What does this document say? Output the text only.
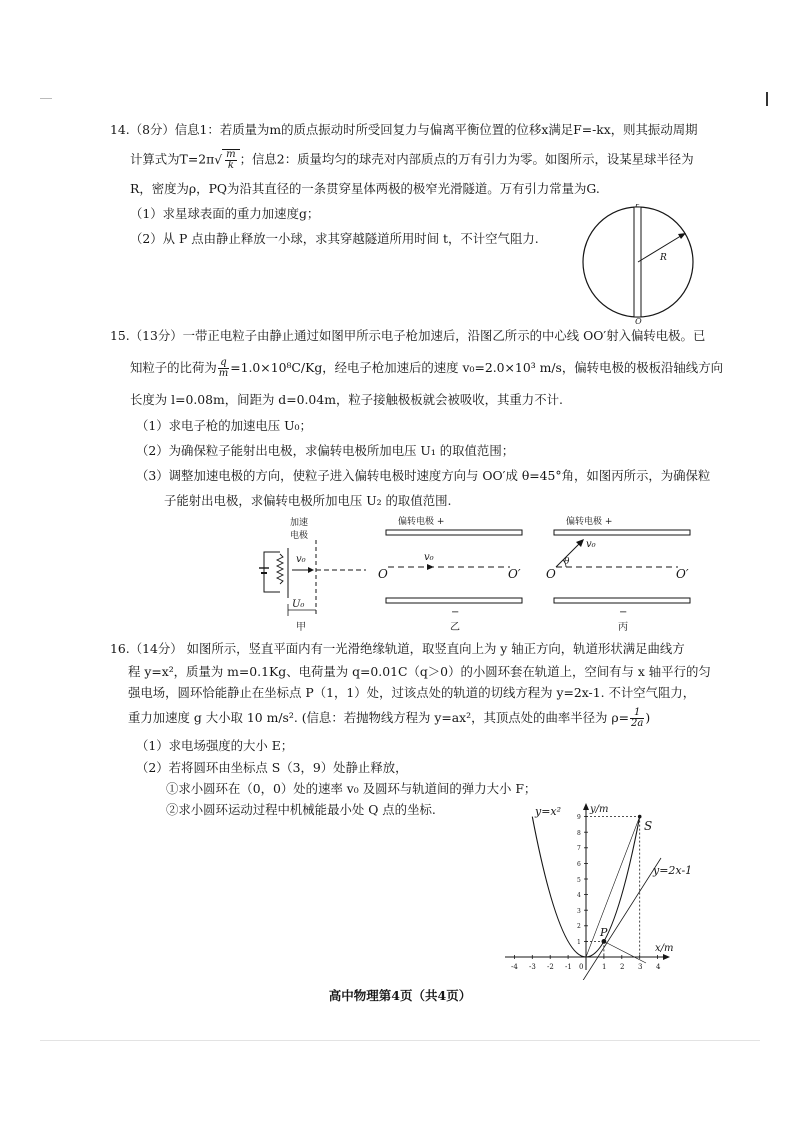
14.（8分）信息1：若质量为m的质点振动时所受回复力与偏离平衡位置的位移x满足F=-kx，则其振动周期
计算式为$T=2\pi√ \frac{m}{k}$ ；信息2：质量均匀的球壳对内部质点的万有引力为零。如图所示，设某星球半径为
R，密度为ρ，PQ为沿其直径的一条贯穿星体两极的极窄光滑隧道。万有引力常量为G.
（1）求星球表面的重力加速度g；
（2）从 P 点由静止释放一小球，求其穿越隧道所用时间 t，不计空气阻力.
P
Q
R
15.（13分）一带正电粒子由静止通过如图甲所示电子枪加速后，沿图乙所示的中心线 OO′射入偏转电极。已
知粒子的比荷为 $\frac{q}{m} =1.0\times 10^8C/Kg$，经电子枪加速后的速度 v₀=2.0×10³ m/s，偏转电极的极板沿轴线方向
长度为 l=0.08m，间距为 d=0.04m，粒子接触极板就会被吸收，其重力不计.
（1）求电子枪的加速电压 U₀；
（2）为确保粒子能射出电极，求偏转电极所加电压 U₁ 的取值范围；
（3）调整加速电极的方向，使粒子进入偏转电极时速度方向与 OO′成 θ=45°角，如图丙所示，为确保粒
子能射出电极，求偏转电极所加电压 U₂ 的取值范围.
加速
电极
v₀
U₀
甲
偏转电极 +
v₀
O	O′
−
乙
偏转电极 +
v₀
θ
O	O′
−
丙
16.（14分） 如图所示，竖直平面内有一光滑绝缘轨道，取竖直向上为 y 轴正方向，轨道形状满足曲线方
程 y=x²，质量为 m=0.1Kg、电荷量为 q=0.01C（q＞0）的小圆环套在轨道上，空间有与 x 轴平行的匀
强电场，圆环恰能静止在坐标点 P（1，1）处，过该点处的轨道的切线方程为 y=2x-1. 不计空气阻力，
重力加速度 g 大小取 10 m/s². (信息：若抛物线方程为 y=ax²，其顶点处的曲率半径为 $\rho= \frac{1}{2a}$ )
（1）求电场强度的大小 E；
（2）若将圆环由坐标点 S（3，9）处静止释放，
①求小圆环在（0，0）处的速率 v₀ 及圆环与轨道间的弹力大小 F；
②求小圆环运动过程中机械能最小处 Q 点的坐标.
-4 -3 -2 -1 0	1 2 3 4
1
2
3
4
5
6
7
8
9
y=x²	y/m
x/m
y=2x-1
S
P
高中物理第4页（共4页）
